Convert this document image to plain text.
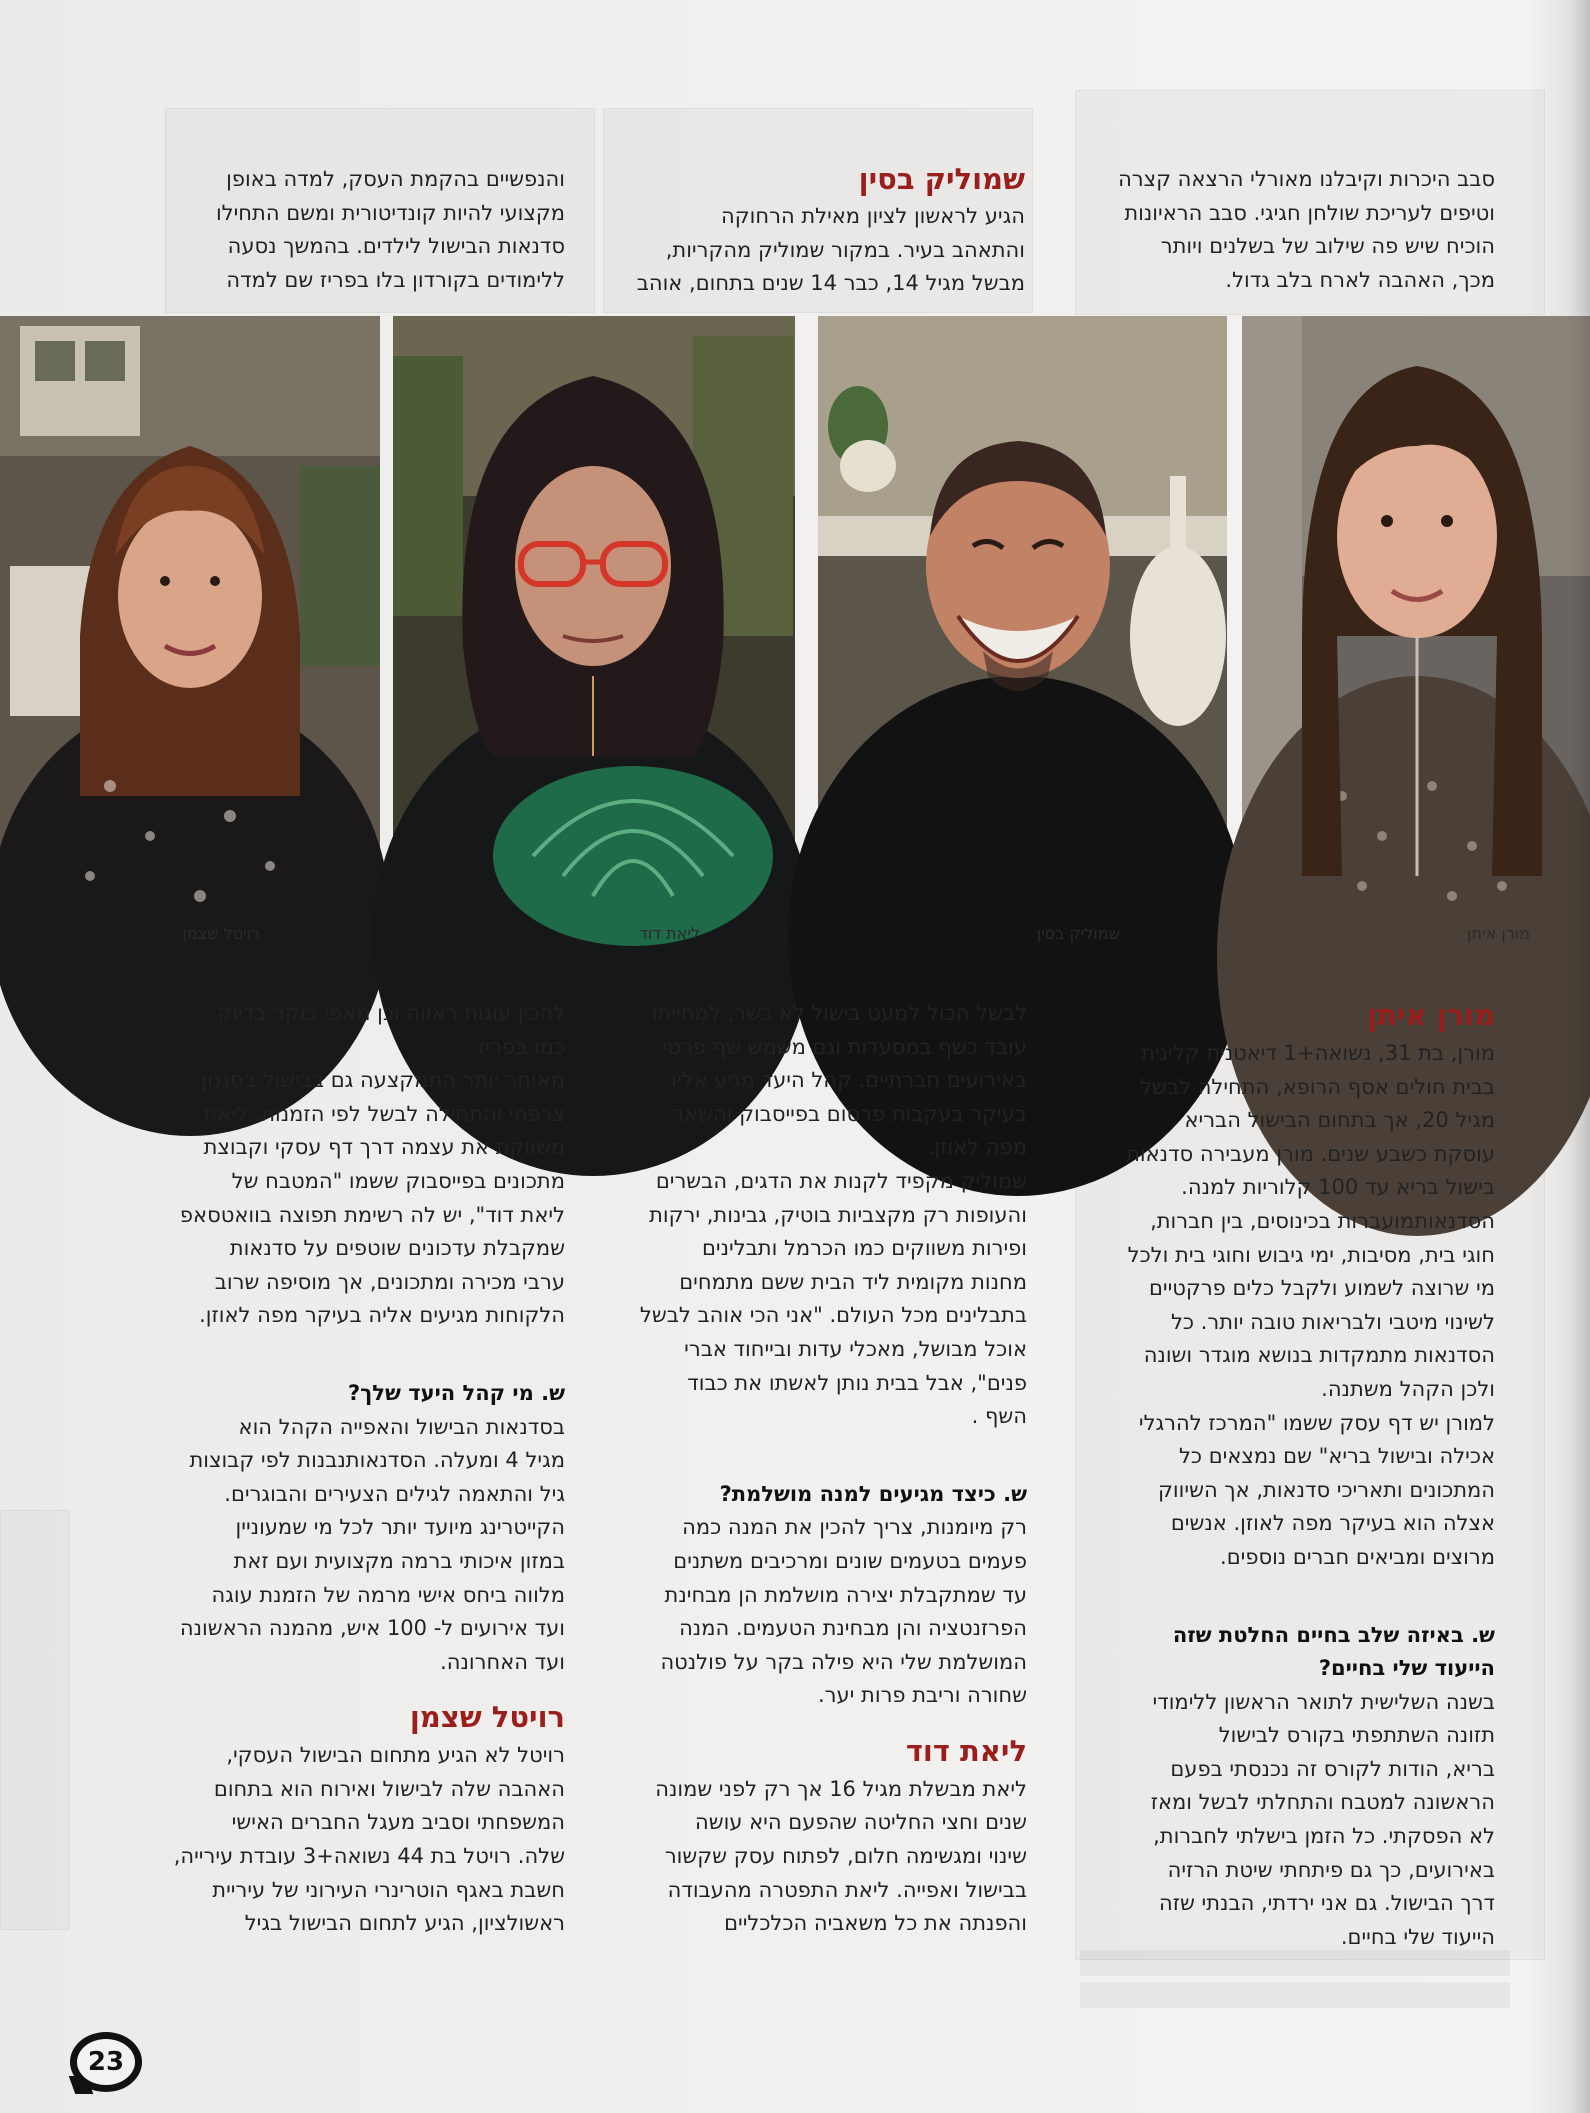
סבב היכרות וקיבלנו מאורלי הרצאה קצרה

וטיפים לעריכת שולחן חגיגי. סבב הראיונות

הוכיח שיש פה שילוב של בשלנים ויותר

מכך, האהבה לארח בלב גדול.

שמוליק בסין

הגיע לראשון לציון מאילת הרחוקה

והתאהב בעיר. במקור שמוליק מהקריות,

מבשל מגיל 14, כבר 14 שנים בתחום, אוהב

והנפשיים בהקמת העסק, למדה באופן

מקצועי להיות קונדיטורית ומשם התחילו

סדנאות הבישול לילדים. בהמשך נסעה

ללימודים בקורדון בלו בפריז שם למדה

רויטל שצמן	ליאת דוד	שמוליק בסין	מורן איתן
מורן איתן

מורן, בת 31, נשואה+1 דיאטנית קלינית

בבית חולים אסף הרופא, התחילה לבשל

מגיל 20, אך בתחום הבישול הבריא

עוסקת כשבע שנים. מורן מעבירה סדנאות

בישול בריא עד 100 קלוריות למנה.

הסדנאותמועברות בכינוסים, בין חברות,

חוגי בית, מסיבות, ימי גיבוש וחוגי בית ולכל

מי שרוצה לשמוע ולקבל כלים פרקטיים

לשינוי מיטבי ולבריאות טובה יותר. כל

הסדנאות מתמקדות בנושא מוגדר ושונה

ולכן הקהל משתנה.

למורן יש דף עסק ששמו "המרכז להרגלי

אכילה ובישול בריא" שם נמצאים כל

המתכונים ותאריכי סדנאות, אך השיווק

אצלה הוא בעיקר מפה לאוזן. אנשים

מרוצים ומביאים חברים נוספים.

ש. באיזה שלב בחיים החלטת שזה

הייעוד שלי בחיים?

בשנה השלישית לתואר הראשון ללימודי

תזונה השתתפתי בקורס לבישול

בריא, הודות לקורס זה נכנסתי בפעם

הראשונה למטבח והתחלתי לבשל ומאז

לא הפסקתי. כל הזמן בישלתי לחברות,

באירועים, כך גם פיתחתי שיטת הרזיה

דרך הבישול. גם אני ירדתי, הבנתי שזה

הייעוד שלי בחיים.

לבשל הכול למעט בישול לא כשר, למחייתו

עובד כשף במסעדות וגם משמש שף פרטי

באירועים חברתיים. קהל היעד מגיע אליו

בעיקר בעקבות פרסום בפייסבוק והשאר

מפה לאוזן.

שמוליק מקפיד לקנות את הדגים, הבשרים

והעופות רק מקצביות בוטיק, גבינות, ירקות

ופירות משווקים כמו הכרמל ותבלינים

מחנות מקומית ליד הבית ששם מתמחים

בתבלינים מכל העולם. "אני הכי אוהב לבשל

אוכל מבושל, מאכלי עדות ובייחוד אברי

פנים", אבל בבית נותן לאשתו את כבוד

השף .

ש. כיצד מגיעים למנה מושלמת?

רק מיומנות, צריך להכין את המנה כמה

פעמים בטעמים שונים ומרכיבים משתנים

עד שמתקבלת יצירה מושלמת הן מבחינת

הפרזנטציה והן מבחינת הטעמים. המנה

המושלמת שלי היא פילה בקר על פולנטה

שחורה וריבת פרות יער.

ליאת דוד

ליאת מבשלת מגיל 16 אך רק לפני שמונה

שנים וחצי החליטה שהפעם היא עושה

שינוי ומגשימה חלום, לפתוח עסק שקשור

בבישול ואפייה. ליאת התפטרה מהעבודה

והפנתה את כל משאביה הכלכליים

להכין עוגות ראווה וכן מאפי בוקר בדיוק

כמו בפריז.

מאוחר יותר התמקצעה גם בבישול בסגנון

צרפתי והתחילה לבשל לפי הזמנות. ליאת

משווקת את עצמה דרך דף עסקי וקבוצת

מתכונים בפייסבוק ששמו "המטבח של

ליאת דוד", יש לה רשימת תפוצה בוואטסאפ

שמקבלת עדכונים שוטפים על סדנאות

ערבי מכירה ומתכונים, אך מוסיפה שרוב

הלקוחות מגיעים אליה בעיקר מפה לאוזן.

ש. מי קהל היעד שלך?

בסדנאות הבישול והאפייה הקהל הוא

מגיל 4 ומעלה. הסדנאותנבנות לפי קבוצות

גיל והתאמה לגילים הצעירים והבוגרים.

הקייטרינג מיועד יותר לכל מי שמעוניין

במזון איכותי ברמה מקצועית ועם זאת

מלווה ביחס אישי מרמה של הזמנת עוגה

ועד אירועים ל- 100 איש, מהמנה הראשונה

ועד האחרונה.

רויטל שצמן

רויטל לא הגיע מתחום הבישול העסקי,

האהבה שלה לבישול ואירוח הוא בתחום

המשפחתי וסביב מעגל החברים האישי

שלה. רויטל בת 44 נשואה+3 עובדת עירייה,

חשבת באגף הוטרינרי העירוני של עיריית

ראשולציון, הגיע לתחום הבישול בגיל

23
